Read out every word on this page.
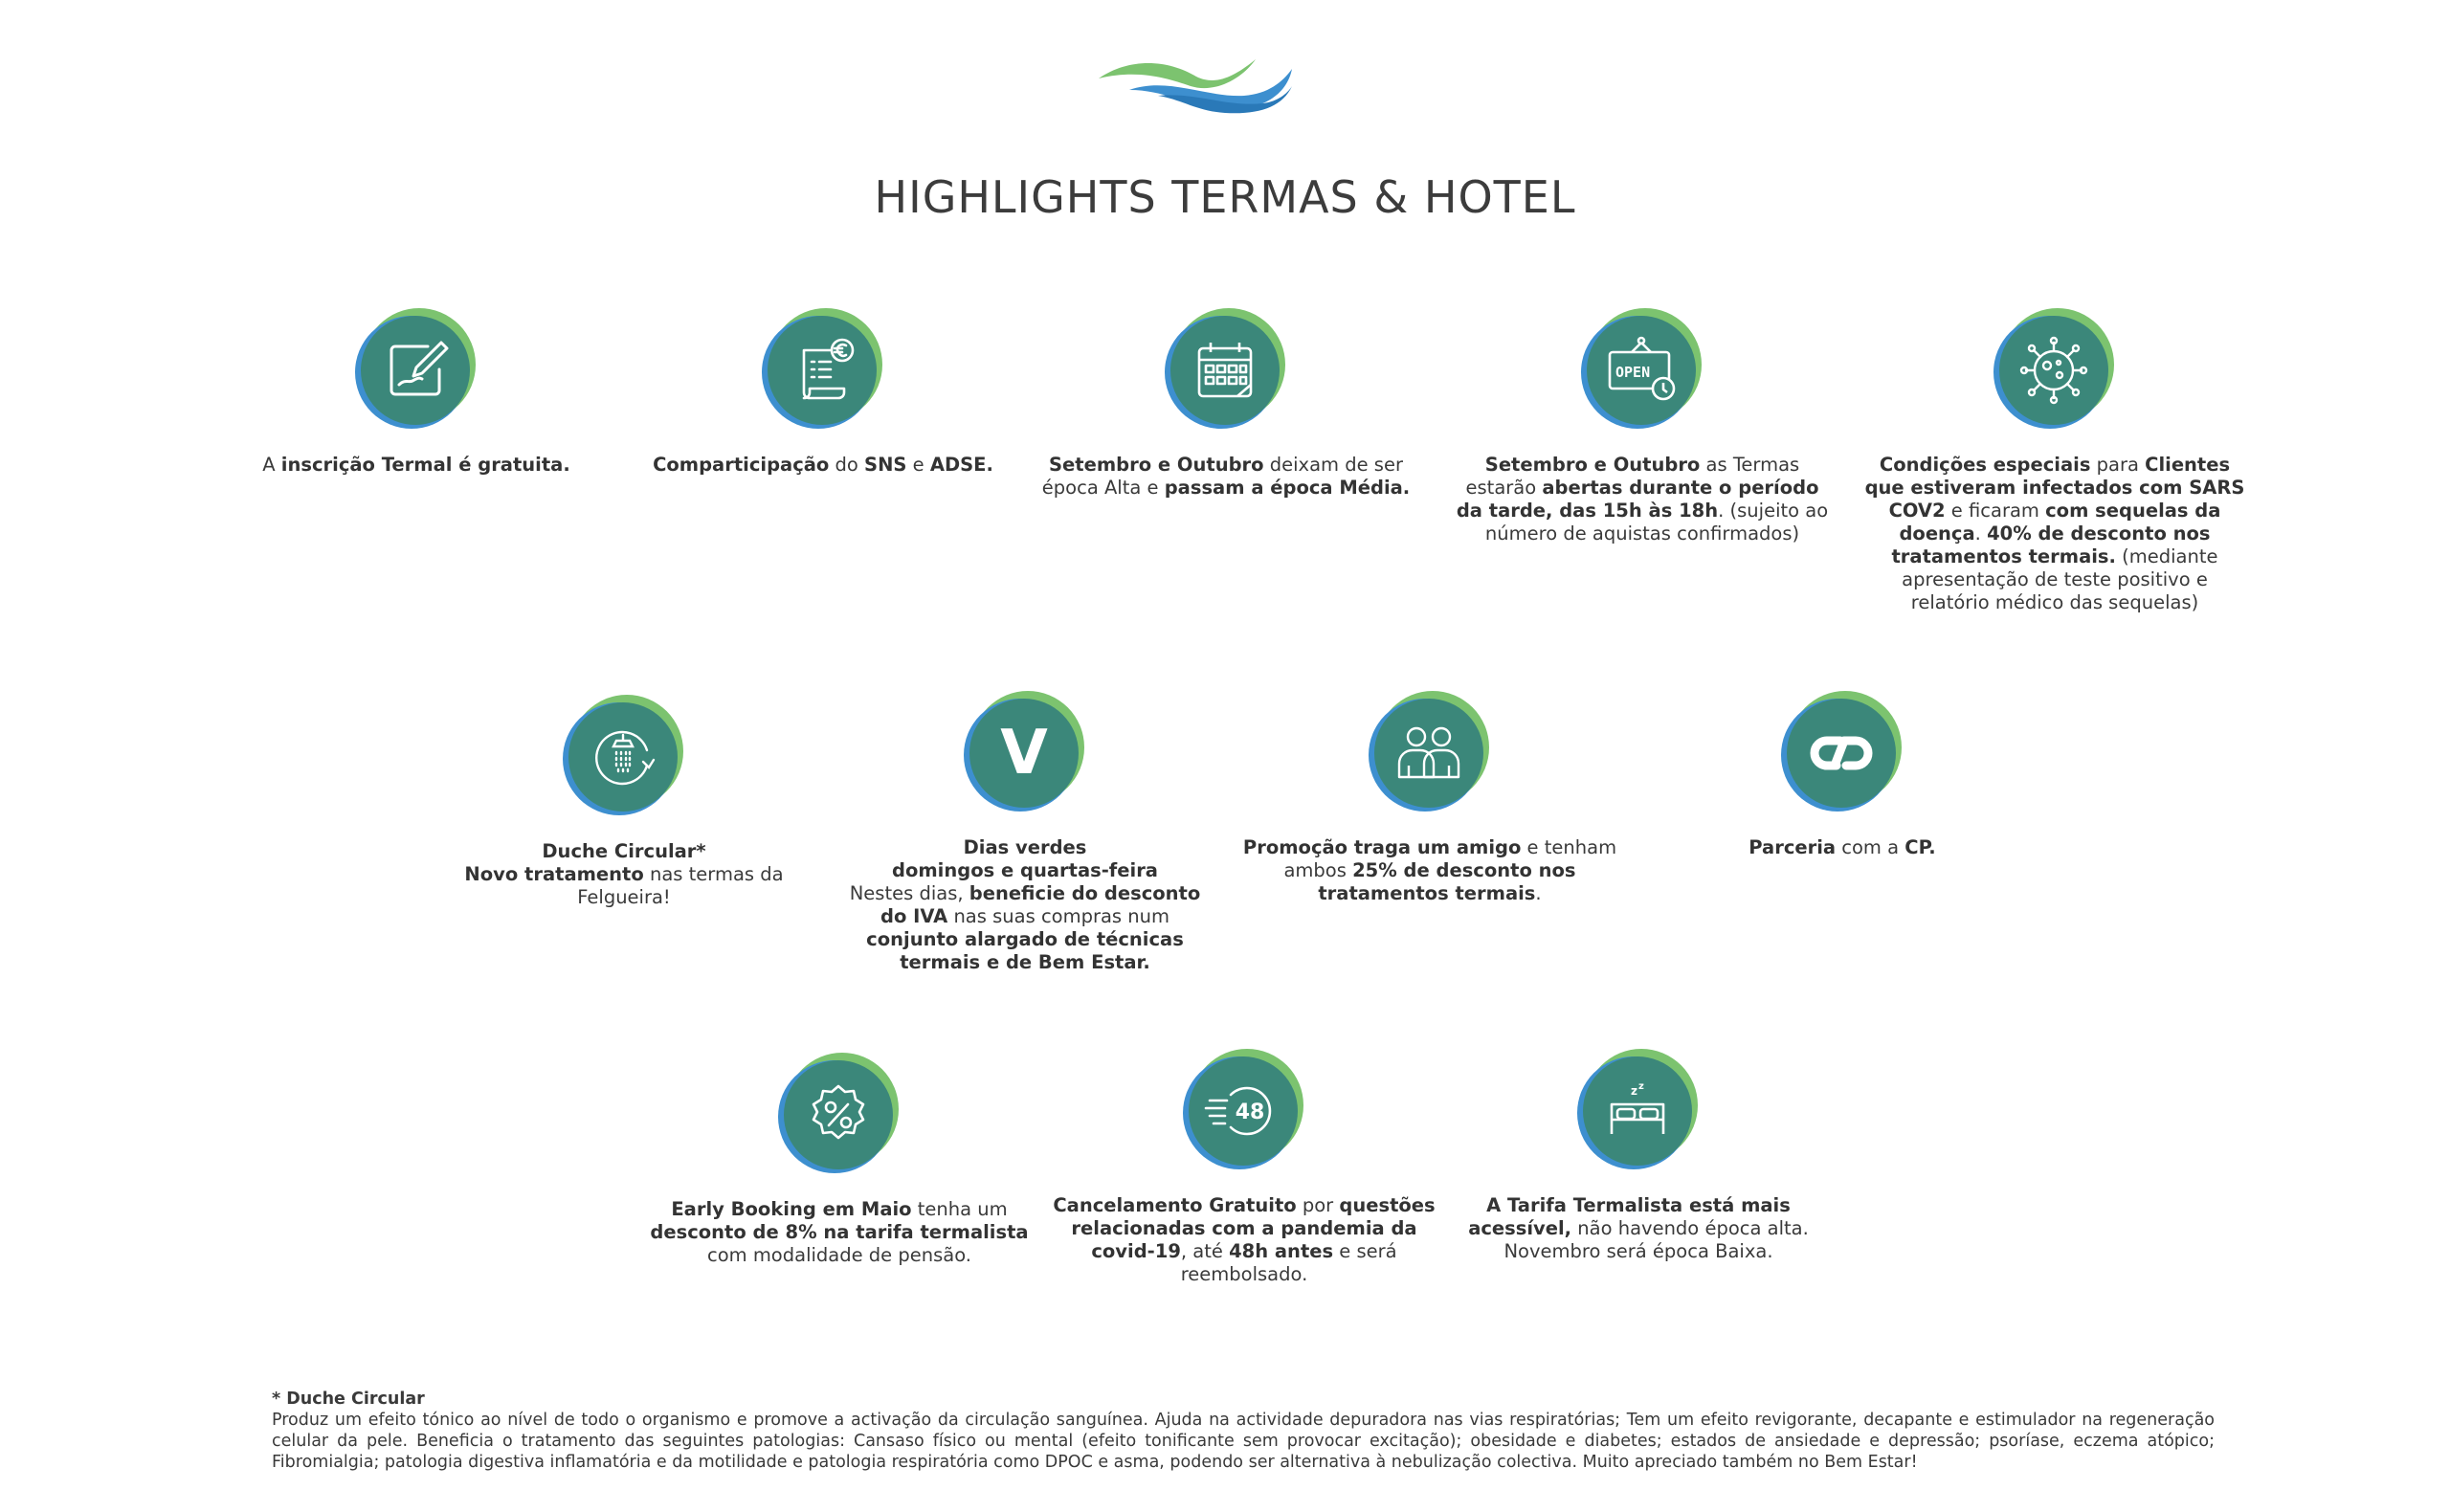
HIGHLIGHTS TERMAS & HOTEL
A inscrição Termal é gratuita.	Comparticipação do SNS e ADSE.	Setembro e Outubro deixam de ser época Alta e passam a época Média.
OPEN
Setembro e Outubro as Termas estarão abertas durante o período da tarde, das 15h às 18h. (sujeito ao número de aquistas confirmados)
Condições especiais para Clientes que estiveram infectados com SARS COV2 e ficaram com sequelas da doença. 40% de desconto nos tratamentos termais. (mediante apresentação de teste positivo e relatório médico das sequelas)
Duche Circular*
Novo tratamento nas termas da Felgueira!
V
Dias verdes
domingos e quartas-feira
Nestes dias, beneficie do desconto do IVA nas suas compras num conjunto alargado de técnicas termais e de Bem Estar.
Promoção traga um amigo e tenham ambos 25% de desconto nos tratamentos termais.
Parceria com a CP.
Early Booking em Maio tenha um desconto de 8% na tarifa termalista com modalidade de pensão.
48
Cancelamento Gratuito por questões relacionadas com a pandemia da covid-19, até 48h antes e será reembolsado.
z z
A Tarifa Termalista está mais acessível, não havendo época alta. Novembro será época Baixa.
* Duche Circular
Produz um efeito tónico ao nível de todo o organismo e promove a activação da circulação sanguínea. Ajuda na actividade depuradora nas vias respiratórias; Tem um efeito revigorante, decapante e estimulador na regeneração celular da pele. Beneficia o tratamento das seguintes patologias: Cansaso físico ou mental (efeito tonificante sem provocar excitação); obesidade e diabetes; estados de ansiedade e depressão; psoríase, eczema atópico; Fibromialgia; patologia digestiva inflamatória e da motilidade e patologia respiratória como DPOC e asma, podendo ser alternativa à nebulização colectiva. Muito apreciado também no Bem Estar!
